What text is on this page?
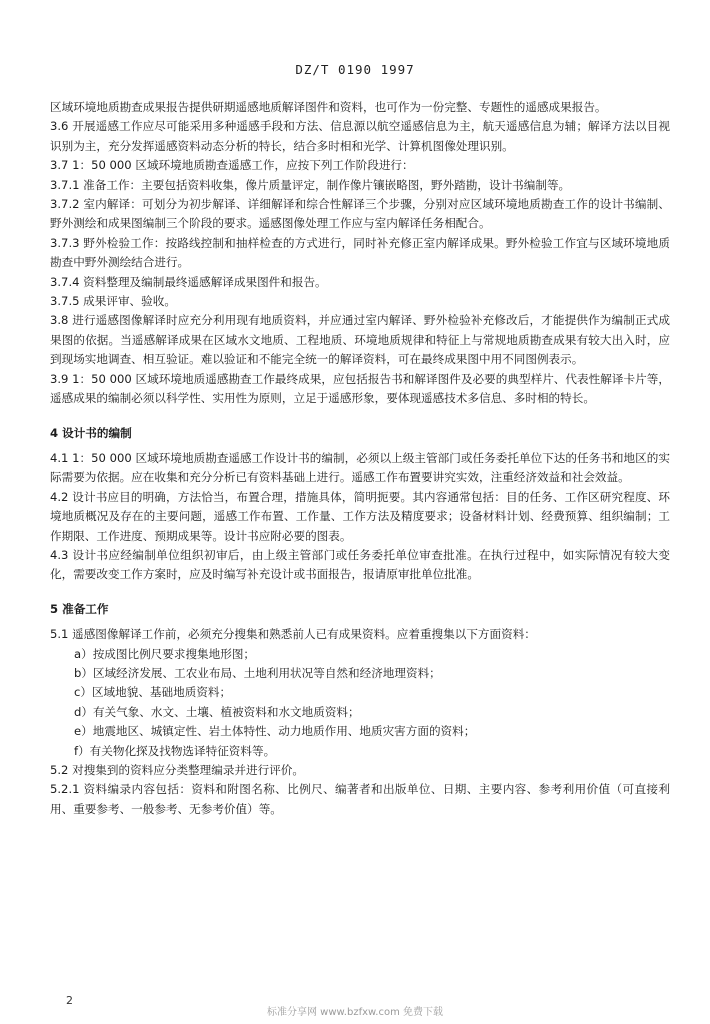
DZ/T 0190 1997

区域环境地质勘查成果报告提供研期遥感地质解译图件和资料，也可作为一份完整、专题性的遥感成果报告。

3.6 开展遥感工作应尽可能采用多种遥感手段和方法、信息源以航空遥感信息为主，航天遥感信息为辅；解译方法以目视识别为主，充分发挥遥感资料动态分析的特长，结合多时相和光学、计算机图像处理识别。

3.7 1：50 000 区域环境地质勘查遥感工作，应按下列工作阶段进行：

3.7.1 准备工作：主要包括资料收集，像片质量评定，制作像片镶嵌略图，野外踏勘，设计书编制等。

3.7.2 室内解译：可划分为初步解译、详细解译和综合性解译三个步骤，分别对应区域环境地质勘查工作的设计书编制、野外测绘和成果图编制三个阶段的要求。遥感图像处理工作应与室内解译任务相配合。

3.7.3 野外检验工作：按路线控制和抽样检查的方式进行，同时补充修正室内解译成果。野外检验工作宜与区域环境地质勘查中野外测绘结合进行。

3.7.4 资料整理及编制最终遥感解译成果图件和报告。

3.7.5 成果评审、验收。

3.8 进行遥感图像解译时应充分利用现有地质资料，并应通过室内解译、野外检验补充修改后，才能提供作为编制正式成果图的依据。当遥感解译成果在区域水文地质、工程地质、环境地质规律和特征上与常规地质勘查成果有较大出入时，应到现场实地调查、相互验证。难以验证和不能完全统一的解译资料，可在最终成果图中用不同图例表示。

3.9 1：50 000 区域环境地质遥感勘查工作最终成果，应包括报告书和解译图件及必要的典型样片、代表性解译卡片等，遥感成果的编制必须以科学性、实用性为原则，立足于遥感形象，要体现遥感技术多信息、多时相的特长。

4 设计书的编制

4.1 1：50 000 区域环境地质勘查遥感工作设计书的编制，必须以上级主管部门或任务委托单位下达的任务书和地区的实际需要为依据。应在收集和充分分析已有资料基础上进行。遥感工作布置要讲究实效，注重经济效益和社会效益。

4.2 设计书应目的明确，方法恰当，布置合理，措施具体，简明扼要。其内容通常包括：目的任务、工作区研究程度、环境地质概况及存在的主要问题，遥感工作布置、工作量、工作方法及精度要求；设备材料计划、经费预算、组织编制；工作期限、工作进度、预期成果等。设计书应附必要的图表。

4.3 设计书应经编制单位组织初审后，由上级主管部门或任务委托单位审查批准。在执行过程中，如实际情况有较大变化，需要改变工作方案时，应及时编写补充设计或书面报告，报请原审批单位批准。

5 准备工作

5.1 遥感图像解译工作前，必须充分搜集和熟悉前人已有成果资料。应着重搜集以下方面资料：

a）按成图比例尺要求搜集地形图；

b）区域经济发展、工农业布局、土地利用状况等自然和经济地理资料；

c）区域地貌、基础地质资料；

d）有关气象、水文、土壤、植被资料和水文地质资料；

e）地震地区、城镇定性、岩土体特性、动力地质作用、地质灾害方面的资料；

f）有关物化探及找物选译特征资料等。

5.2 对搜集到的资料应分类整理编录并进行评价。

5.2.1 资料编录内容包括：资料和附图名称、比例尺、编著者和出版单位、日期、主要内容、参考利用价值（可直接利用、重要参考、一般参考、无参考价值）等。

2
标准分享网 www.bzfxw.com 免费下载
